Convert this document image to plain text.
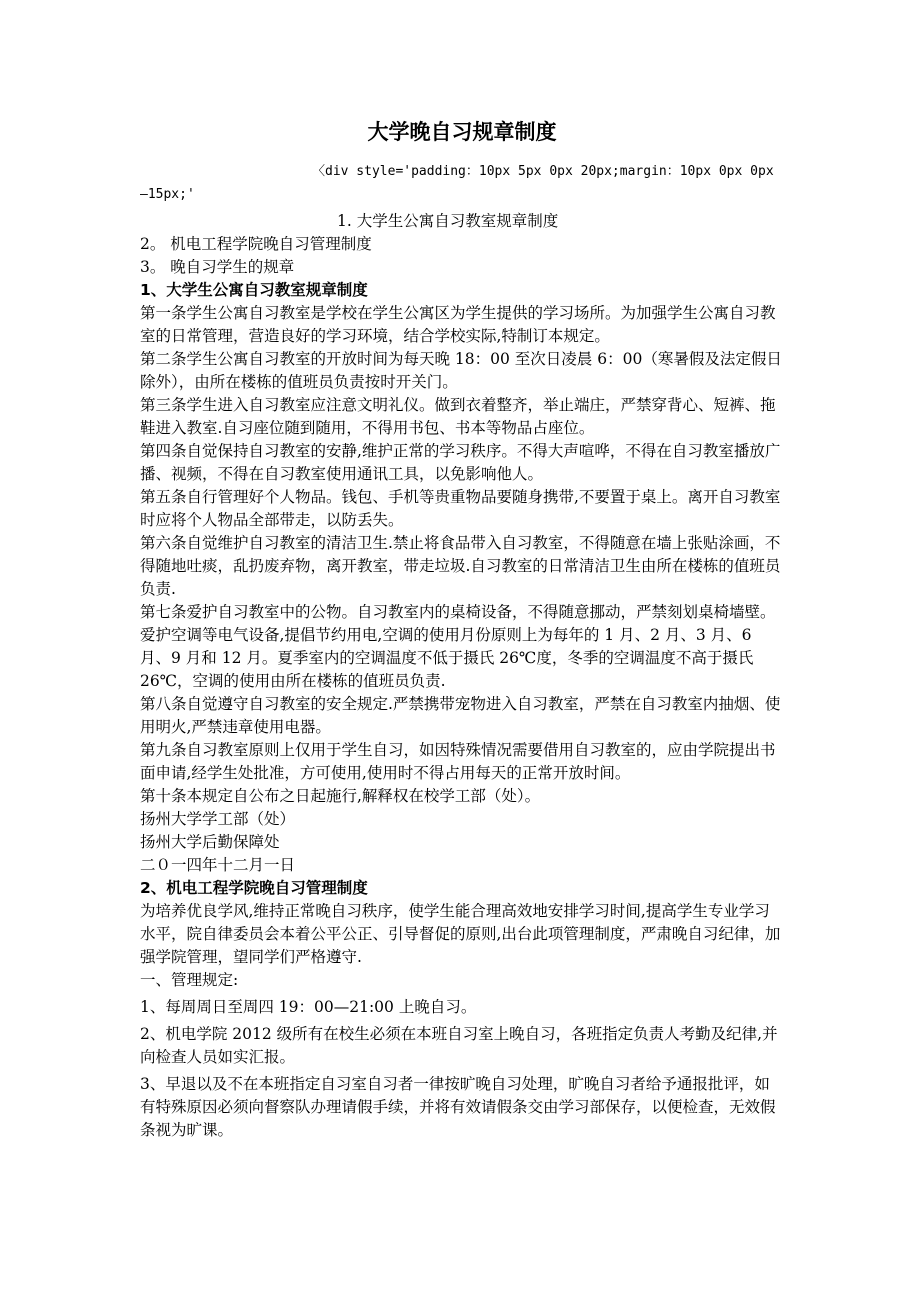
大学晚自习规章制度
〈div style='padding：10px 5px 0px 20px;margin：10px 0px 0px
—15px;'
1. 大学生公寓自习教室规章制度
2。 机电工程学院晚自习管理制度
3。 晚自习学生的规章
1、大学生公寓自习教室规章制度

第一条学生公寓自习教室是学校在学生公寓区为学生提供的学习场所。为加强学生公寓自习教室的日常管理，营造良好的学习环境，结合学校实际,特制订本规定。

第二条学生公寓自习教室的开放时间为每天晚 18：00 至次日凌晨 6：00（寒暑假及法定假日除外），由所在楼栋的值班员负责按时开关门。

第三条学生进入自习教室应注意文明礼仪。做到衣着整齐，举止端庄，严禁穿背心、短裤、拖鞋进入教室.自习座位随到随用，不得用书包、书本等物品占座位。

第四条自觉保持自习教室的安静,维护正常的学习秩序。不得大声喧哗，不得在自习教室播放广播、视频，不得在自习教室使用通讯工具，以免影响他人。

第五条自行管理好个人物品。钱包、手机等贵重物品要随身携带,不要置于桌上。离开自习教室时应将个人物品全部带走，以防丢失。

第六条自觉维护自习教室的清洁卫生.禁止将食品带入自习教室，不得随意在墙上张贴涂画，不得随地吐痰，乱扔废弃物，离开教室，带走垃圾.自习教室的日常清洁卫生由所在楼栋的值班员负责.

第七条爱护自习教室中的公物。自习教室内的桌椅设备，不得随意挪动，严禁刻划桌椅墙壁。爱护空调等电气设备,提倡节约用电,空调的使用月份原则上为每年的 1 月、2 月、3 月、6 月、9 月和 12 月。夏季室内的空调温度不低于摄氏 26℃度，冬季的空调温度不高于摄氏 26℃，空调的使用由所在楼栋的值班员负责.

第八条自觉遵守自习教室的安全规定.严禁携带宠物进入自习教室，严禁在自习教室内抽烟、使用明火,严禁违章使用电器。

第九条自习教室原则上仅用于学生自习，如因特殊情况需要借用自习教室的，应由学院提出书面申请,经学生处批准，方可使用,使用时不得占用每天的正常开放时间。

第十条本规定自公布之日起施行,解释权在校学工部（处）。

扬州大学学工部（处）

扬州大学后勤保障处

二０一四年十二月一日

2、机电工程学院晚自习管理制度

为培养优良学风,维持正常晚自习秩序，使学生能合理高效地安排学习时间,提高学生专业学习水平，院自律委员会本着公平公正、引导督促的原则,出台此项管理制度，严肃晚自习纪律，加强学院管理，望同学们严格遵守.

一、管理规定:

1、每周周日至周四 19：00—21:00 上晚自习。

2、机电学院 2012 级所有在校生必须在本班自习室上晚自习，各班指定负责人考勤及纪律,并向检查人员如实汇报。

3、早退以及不在本班指定自习室自习者一律按旷晚自习处理，旷晚自习者给予通报批评，如有特殊原因必须向督察队办理请假手续，并将有效请假条交由学习部保存，以便检查，无效假条视为旷课。
